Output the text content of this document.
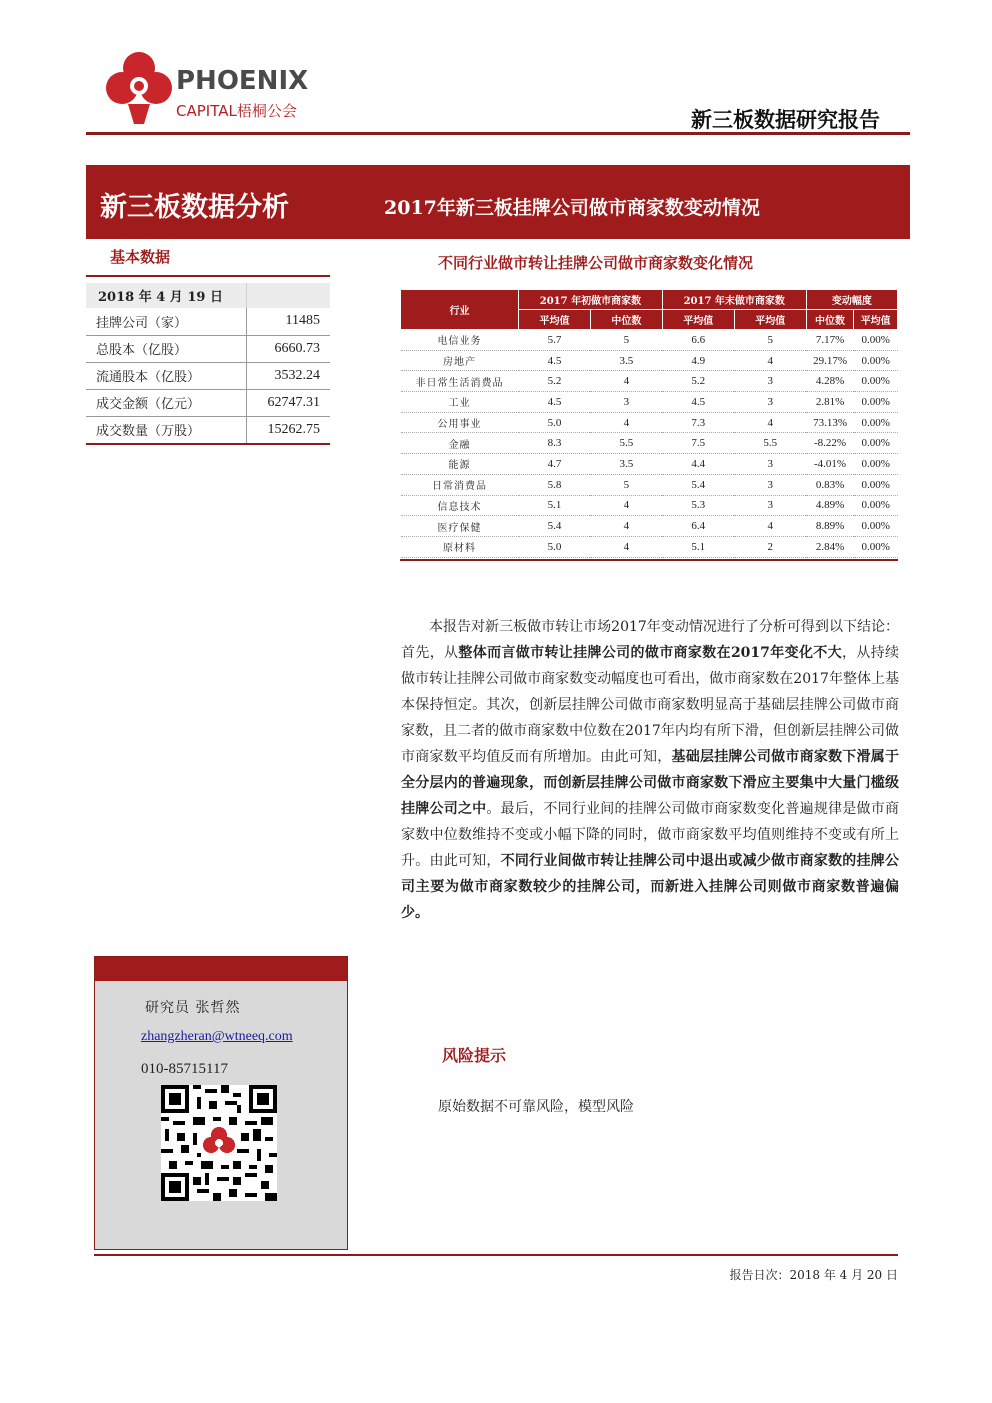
PHOENIX
CAPITAL梧桐公会	新三板数据研究报告
新三板数据分析	2017年新三板挂牌公司做市商家数变动情况
基本数据
2018 年 4 月 19 日	
挂牌公司（家）	11485
总股本（亿股）	6660.73
流通股本（亿股）	3532.24
成交金额（亿元）	62747.31
成交数量（万股）	15262.75
不同行业做市转让挂牌公司做市商家数变化情况
行业	2017 年初做市商家数		2017 年末做市商家数		变动幅度	
	平均值	中位数	平均值	平均值	中位数	平均值
电信业务	5.7	5	6.6	5	7.17%	0.00%
房地产	4.5	3.5	4.9	4	29.17%	0.00%
非日常生活消费品	5.2	4	5.2	3	4.28%	0.00%
工业	4.5	3	4.5	3	2.81%	0.00%
公用事业	5.0	4	7.3	4	73.13%	0.00%
金融	8.3	5.5	7.5	5.5	-8.22%	0.00%
能源	4.7	3.5	4.4	3	-4.01%	0.00%
日常消费品	5.8	5	5.4	3	0.83%	0.00%
信息技术	5.1	4	5.3	3	4.89%	0.00%
医疗保健	5.4	4	6.4	4	8.89%	0.00%
原材料	5.0	4	5.1	2	2.84%	0.00%
本报告对新三板做市转让市场2017年变动情况进行了分析可得到以下结论：首先，从整体而言做市转让挂牌公司的做市商家数在2017年变化不大，从持续做市转让挂牌公司做市商家数变动幅度也可看出，做市商家数在2017年整体上基本保持恒定。其次，创新层挂牌公司做市商家数明显高于基础层挂牌公司做市商家数，且二者的做市商家数中位数在2017年内均有所下滑，但创新层挂牌公司做市商家数平均值反而有所增加。由此可知，基础层挂牌公司做市商家数下滑属于全分层内的普遍现象，而创新层挂牌公司做市商家数下滑应主要集中大量门槛级挂牌公司之中。最后，不同行业间的挂牌公司做市商家数变化普遍规律是做市商家数中位数维持不变或小幅下降的同时，做市商家数平均值则维持不变或有所上升。由此可知，不同行业间做市转让挂牌公司中退出或减少做市商家数的挂牌公司主要为做市商家数较少的挂牌公司，而新进入挂牌公司则做市商家数普遍偏少。
风险提示
原始数据不可靠风险，模型风险
研究员 张哲然
zhangzheran@wtneeq.com
010-85715117
报告日次：2018 年 4 月 20 日
